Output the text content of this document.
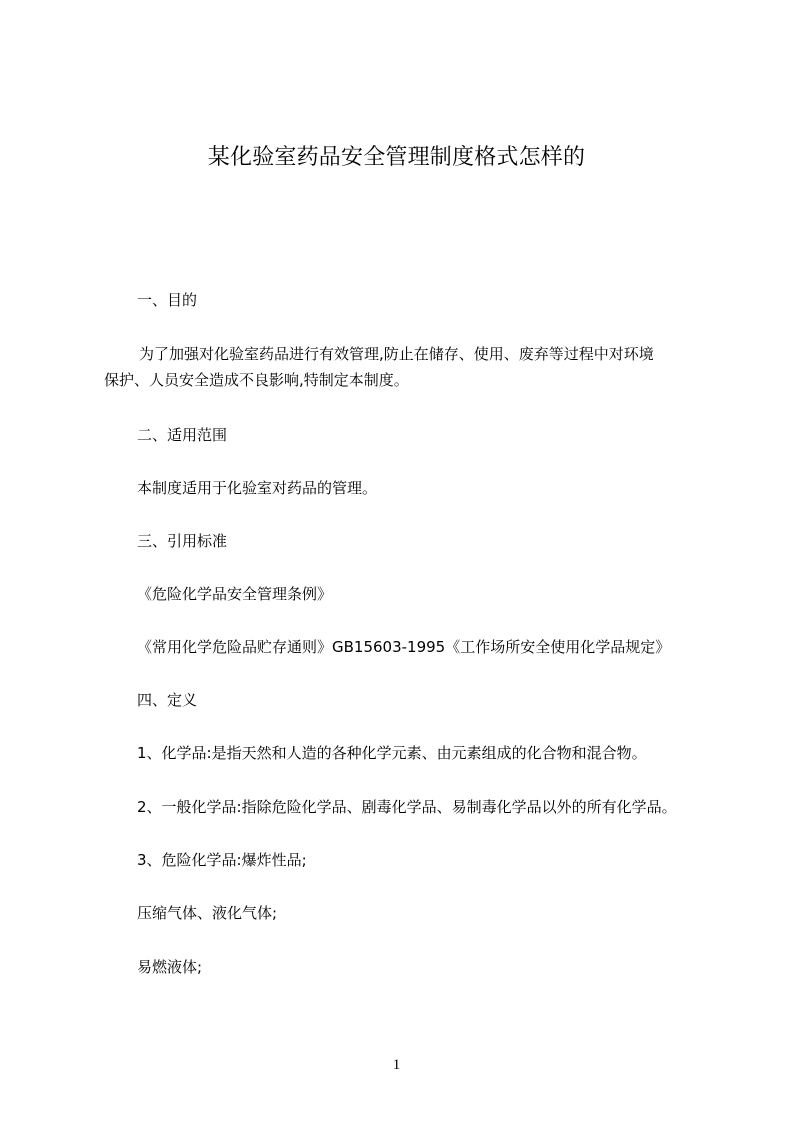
某化验室药品安全管理制度格式怎样的
一、目的
为了加强对化验室药品进行有效管理,防止在储存、使用、废弃等过程中对环境
保护、人员安全造成不良影响,特制定本制度。
二、适用范围
本制度适用于化验室对药品的管理。
三、引用标准
《危险化学品安全管理条例》
《常用化学危险品贮存通则》GB15603-1995《工作场所安全使用化学品规定》
四、定义
1、化学品:是指天然和人造的各种化学元素、由元素组成的化合物和混合物。
2、一般化学品:指除危险化学品、剧毒化学品、易制毒化学品以外的所有化学品。
3、危险化学品:爆炸性品;
压缩气体、液化气体;
易燃液体;
1
